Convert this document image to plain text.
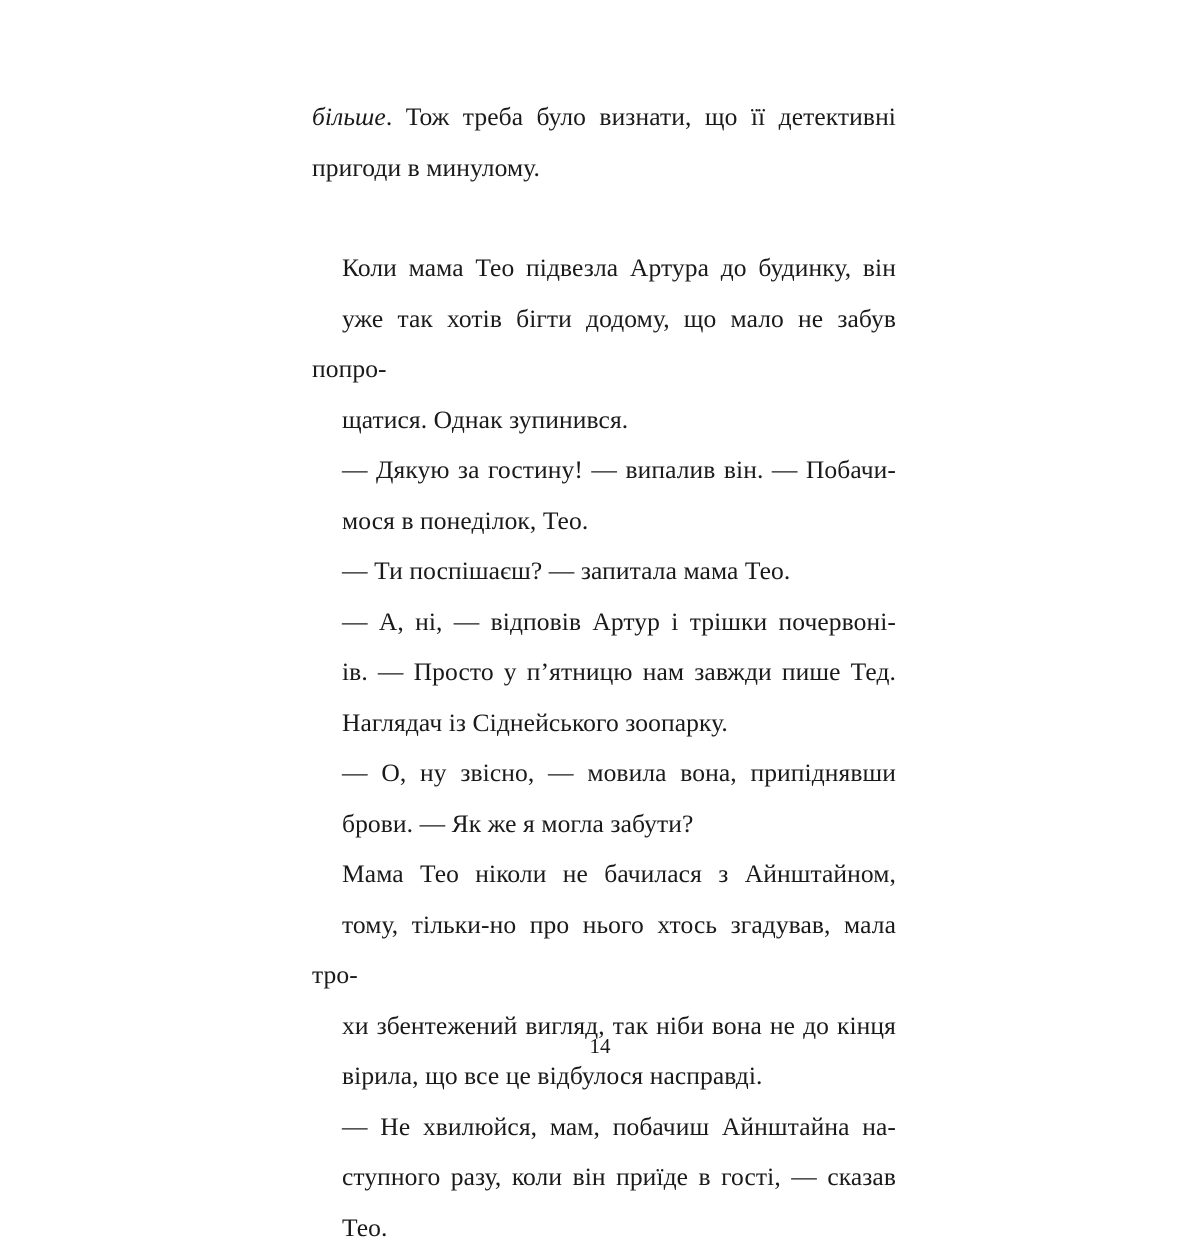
більше. Тож треба було визнати, що її детективні
пригоди в минулому.

Коли мама Тео підвезла Артура до будинку, він
уже так хотів бігти додому, що мало не забув попро-
щатися. Однак зупинився.

— Дякую за гостину! — випалив він. — Побачи-
мося в понеділок, Тео.

— Ти поспішаєш? — запитала мама Тео.

— А, ні, — відповів Артур і трішки почервоні-
ів. — Просто у п’ятницю нам завжди пише Тед.
Наглядач із Сіднейського зоопарку.

— О, ну звісно, — мовила вона, припіднявши
брови. — Як же я могла забути?

Мама Тео ніколи не бачилася з Айнштайном,
тому, тільки-но про нього хтось згадував, мала тро-
хи збентежений вигляд, так ніби вона не до кінця
вірила, що все це відбулося насправді.

— Не хвилюйся, мам, побачиш Айнштайна на-
ступного разу, коли він приїде в гості, — сказав
Тео.

14
